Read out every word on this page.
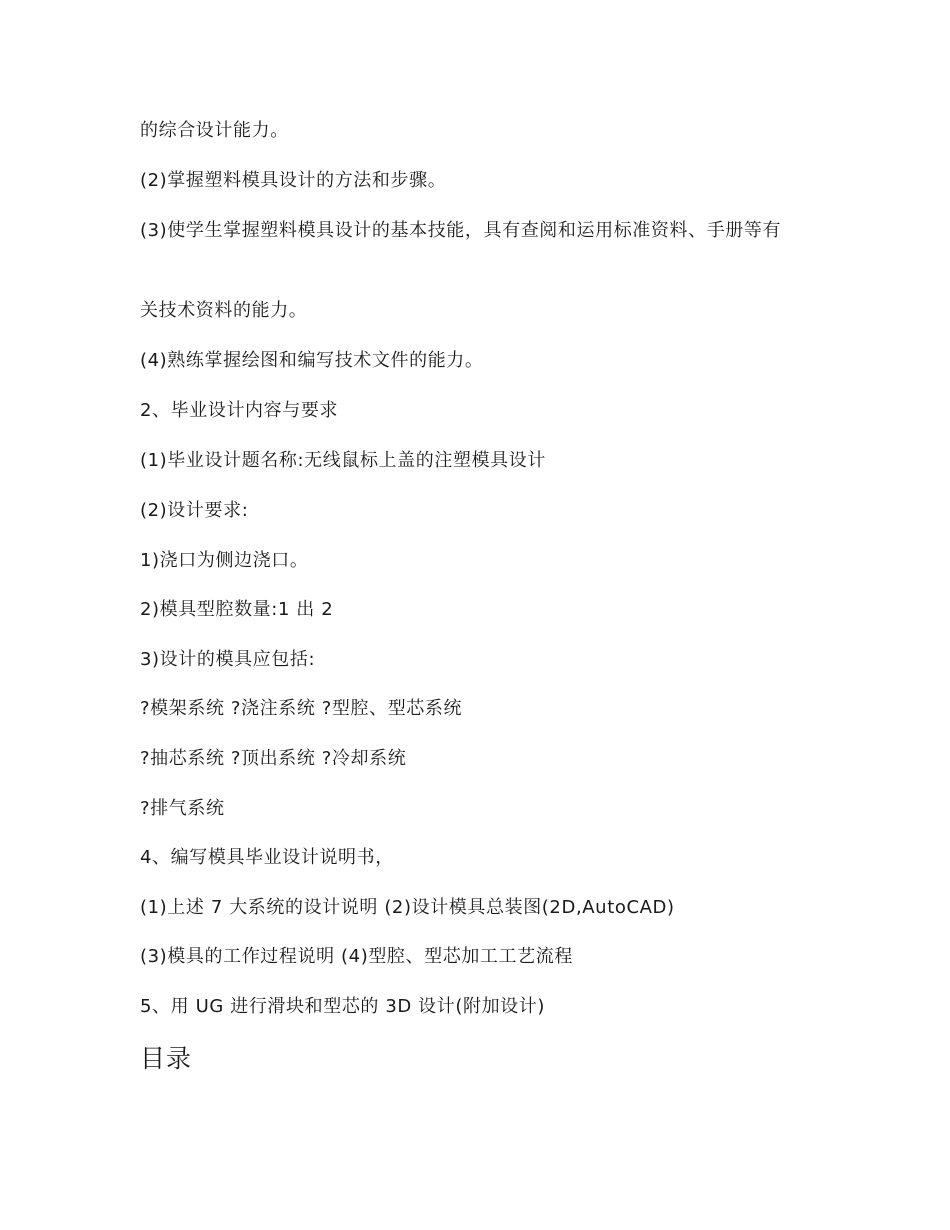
的综合设计能力。
(2)掌握塑料模具设计的方法和步骤。
(3)使学生掌握塑料模具设计的基本技能，具有查阅和运用标准资料、手册等有
关技术资料的能力。
(4)熟练掌握绘图和编写技术文件的能力。
2、毕业设计内容与要求
(1)毕业设计题名称:无线鼠标上盖的注塑模具设计
(2)设计要求:
1)浇口为侧边浇口。
2)模具型腔数量:1 出 2
3)设计的模具应包括:
?模架系统 ?浇注系统 ?型腔、型芯系统
?抽芯系统 ?顶出系统 ?冷却系统
?排气系统
4、编写模具毕业设计说明书，
(1)上述 7 大系统的设计说明 (2)设计模具总装图(2D,AutoCAD)
(3)模具的工作过程说明 (4)型腔、型芯加工工艺流程
5、用 UG 进行滑块和型芯的 3D 设计(附加设计)
目录
